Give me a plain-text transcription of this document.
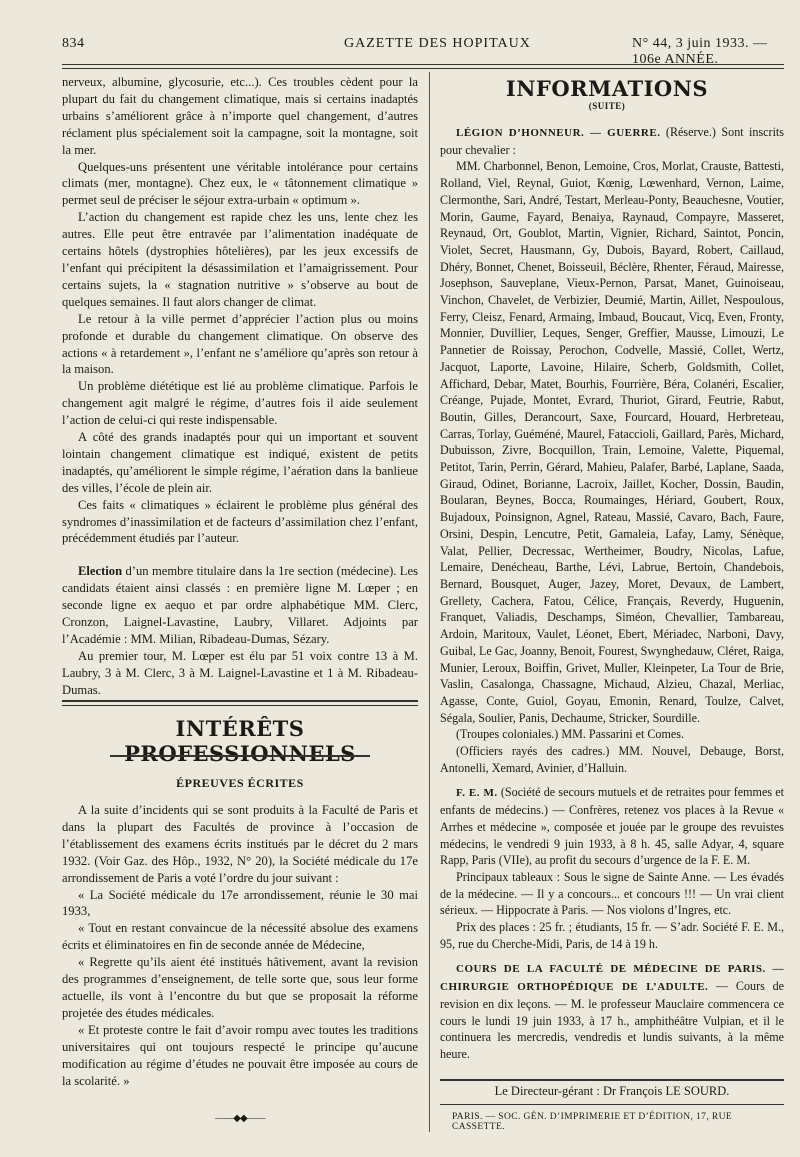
834	GAZETTE DES HOPITAUX	N° 44, 3 juin 1933. — 106e ANNÉE.

nerveux, albumine, glycosurie, etc...). Ces troubles cèdent pour la plupart du fait du changement climatique, mais si certains inadaptés urbains s’améliorent grâce à n’importe quel changement, d’autres réclament plus spécialement soit la campagne, soit la montagne, soit la mer.

Quelques-uns présentent une véritable intolérance pour certains climats (mer, montagne). Chez eux, le « tâtonnement climatique » permet seul de préciser le séjour extra-urbain « optimum ».

L’action du changement est rapide chez les uns, lente chez les autres. Elle peut être entravée par l’alimentation inadéquate de certains hôtels (dystrophies hôtelières), par les jeux excessifs de l’enfant qui précipitent la désassimilation et l’amaigrissement. Pour certains sujets, la « stagnation nutritive » s’observe au bout de quelques semaines. Il faut alors changer de climat.

Le retour à la ville permet d’apprécier l’action plus ou moins profonde et durable du changement climatique. On observe des actions « à retardement », l’enfant ne s’améliore qu’après son retour à la maison.

Un problème diététique est lié au problème climatique. Parfois le changement agit malgré le régime, d’autres fois il aide seulement l’action de celui-ci qui reste indispensable.

A côté des grands inadaptés pour qui un important et souvent lointain changement climatique est indiqué, existent de petits inadaptés, qu’améliorent le simple régime, l’aération dans la banlieue des villes, l’école de plein air.

Ces faits « climatiques » éclairent le problème plus général des syndromes d’inassimilation et de facteurs d’assimilation chez l’enfant, précédemment étudiés par l’auteur.

Election d’un membre titulaire dans la 1re section (médecine). Les candidats étaient ainsi classés : en première ligne M. Lœper ; en seconde ligne ex aequo et par ordre alphabétique MM. Clerc, Cronzon, Laignel-Lavastine, Laubry, Villaret. Adjoints par l’Académie : MM. Milian, Ribadeau-Dumas, Sézary.

Au premier tour, M. Lœper est élu par 51 voix contre 13 à M. Laubry, 3 à M. Clerc, 3 à M. Laignel-Lavastine et 1 à M. Ribadeau-Dumas.

INTÉRÊTS PROFESSIONNELS
ÉPREUVES ÉCRITES

A la suite d’incidents qui se sont produits à la Faculté de Paris et dans la plupart des Facultés de province à l’occasion de l’établissement des examens écrits institués par le décret du 2 mars 1932. (Voir Gaz. des Hôp., 1932, N° 20), la Société médicale du 17e arrondissement de Paris a voté l’ordre du jour suivant :

« La Société médicale du 17e arrondissement, réunie le 30 mai 1933,

« Tout en restant convaincue de la nécessité absolue des examens écrits et éliminatoires en fin de seconde année de Médecine,

« Regrette qu’ils aient été institués hâtivement, avant la revision des programmes d’enseignement, de telle sorte que, sous leur forme actuelle, ils vont à l’encontre du but que se proposait la réforme projetée des études médicales.

« Et proteste contre le fait d’avoir rompu avec toutes les traditions universitaires qui ont toujours respecté le principe qu’aucune modification au régime d’études ne pouvait être imposée au cours de la scolarité. »

——◆◆——
INFORMATIONS
(SUITE)

LÉGION D’HONNEUR. — GUERRE. (Réserve.) Sont inscrits pour chevalier :

MM. Charbonnel, Benon, Lemoine, Cros, Morlat, Crauste, Battesti, Rolland, Viel, Reynal, Guiot, Kœnig, Lœwenhard, Vernon, Laime, Clermonthe, Sari, André, Testart, Merleau-Ponty, Beauchesne, Voutier, Morin, Gaume, Fayard, Benaiya, Raynaud, Compayre, Masseret, Reynaud, Ort, Goublot, Martin, Vignier, Richard, Saintot, Poncin, Violet, Secret, Hausmann, Gy, Dubois, Bayard, Robert, Caillaud, Dhéry, Bonnet, Chenet, Boisseuil, Béclère, Rhenter, Féraud, Mairesse, Josephson, Sauveplane, Vieux-Pernon, Parsat, Manet, Guinoiseau, Vinchon, Chavelet, de Verbizier, Deumié, Martin, Aillet, Nespoulous, Ferry, Cleisz, Fenard, Armaing, Imbaud, Boucaut, Vicq, Even, Fronty, Monnier, Duvillier, Leques, Senger, Greffier, Mausse, Limouzi, Le Pannetier de Roissay, Perochon, Codvelle, Massié, Collet, Wertz, Jacquot, Laporte, Lavoine, Hilaire, Scherb, Goldsmith, Collet, Affichard, Debar, Matet, Bourhis, Fourrière, Béra, Colanéri, Escalier, Créange, Pujade, Montet, Evrard, Thuriot, Girard, Feutrie, Rabut, Boutin, Gilles, Derancourt, Saxe, Fourcard, Houard, Herbreteau, Carras, Torlay, Guéméné, Maurel, Fataccioli, Gaillard, Parès, Michard, Dubuisson, Zivre, Bocquillon, Train, Lemoine, Valette, Piquemal, Petitot, Tarin, Perrin, Gérard, Mahieu, Palafer, Barbé, Laplane, Saada, Giraud, Odinet, Borianne, Lacroix, Jaillet, Kocher, Dossin, Baudin, Boularan, Beynes, Bocca, Roumainges, Hériard, Goubert, Roux, Bujadoux, Poinsignon, Agnel, Rateau, Massié, Cavaro, Bach, Faure, Orsini, Despin, Lencutre, Petit, Gamaleia, Lafay, Lamy, Sénèque, Valat, Pellier, Decressac, Wertheimer, Boudry, Nicolas, Lafue, Lemaire, Denécheau, Barthe, Lévi, Labrue, Bertoin, Chandebois, Bernard, Bousquet, Auger, Jazey, Moret, Devaux, de Lambert, Grellety, Cachera, Fatou, Célice, Français, Reverdy, Huguenin, Franquet, Valiadis, Deschamps, Siméon, Chevallier, Tambareau, Ardoin, Maritoux, Vaulet, Léonet, Ebert, Mériadec, Narboni, Davy, Guibal, Le Gac, Joanny, Benoit, Fourest, Swynghedauw, Cléret, Raiga, Munier, Leroux, Boiffin, Grivet, Muller, Kleinpeter, La Tour de Brie, Vaslin, Casalonga, Chassagne, Michaud, Alzieu, Chazal, Merliac, Agasse, Conte, Guiol, Goyau, Emonin, Renard, Toulze, Calvet, Ségala, Soulier, Panis, Dechaume, Stricker, Sourdille.

(Troupes coloniales.) MM. Passarini et Comes.

(Officiers rayés des cadres.) MM. Nouvel, Debauge, Borst, Antonelli, Xemard, Avinier, d’Halluin.

F. E. M. (Société de secours mutuels et de retraites pour femmes et enfants de médecins.) — Confrères, retenez vos places à la Revue « Arrhes et médecine », composée et jouée par le groupe des revuistes médecins, le vendredi 9 juin 1933, à 8 h. 45, salle Adyar, 4, square Rapp, Paris (VIIe), au profit du secours d’urgence de la F. E. M.

Principaux tableaux : Sous le signe de Sainte Anne. — Les évadés de la médecine. — Il y a concours... et concours !!! — Un vrai client sérieux. — Hippocrate à Paris. — Nos violons d’Ingres, etc.

Prix des places : 25 fr. ; étudiants, 15 fr. — S’adr. Société F. E. M., 95, rue du Cherche-Midi, Paris, de 14 à 19 h.

COURS DE LA FACULTÉ DE MÉDECINE DE PARIS. — CHIRURGIE ORTHOPÉDIQUE DE L’ADULTE. — Cours de revision en dix leçons. — M. le professeur Mauclaire commencera ce cours le lundi 19 juin 1933, à 17 h., amphithéâtre Vulpian, et il le continuera les mercredis, vendredis et lundis suivants, à la même heure.

Le Directeur-gérant : Dr François LE SOURD.
PARIS. — SOC. GÉN. D’IMPRIMERIE ET D’ÉDITION, 17, RUE CASSETTE.
